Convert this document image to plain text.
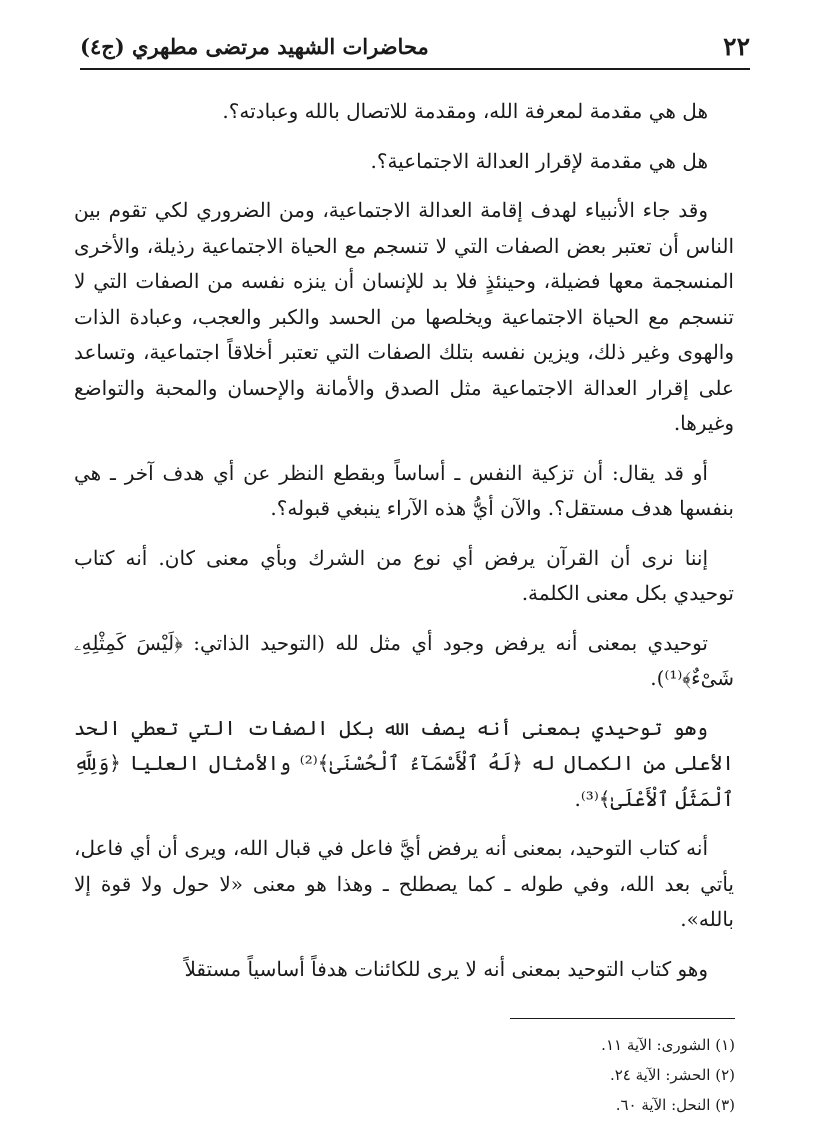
٢٢
محاضرات الشهيد مرتضى مطهري (ج٤)

هل هي مقدمة لمعرفة الله، ومقدمة للاتصال بالله وعبادته؟.

هل هي مقدمة لإقرار العدالة الاجتماعية؟.

وقد جاء الأنبياء لهدف إقامة العدالة الاجتماعية، ومن الضروري لكي تقوم بين الناس أن تعتبر بعض الصفات التي لا تنسجم مع الحياة الاجتماعية رذيلة، والأخرى المنسجمة معها فضيلة، وحينئذٍ فلا بد للإنسان أن ينزه نفسه من الصفات التي لا تنسجم مع الحياة الاجتماعية ويخلصها من الحسد والكبر والعجب، وعبادة الذات والهوى وغير ذلك، ويزين نفسه بتلك الصفات التي تعتبر أخلاقاً اجتماعية، وتساعد على إقرار العدالة الاجتماعية مثل الصدق والأمانة والإحسان والمحبة والتواضع وغيرها.

أو قد يقال: أن تزكية النفس ـ أساساً وبقطع النظر عن أي هدف آخر ـ هي بنفسها هدف مستقل؟. والآن أيُّ هذه الآراء ينبغي قبوله؟.

إننا نرى أن القرآن يرفض أي نوع من الشرك وبأي معنى كان. أنه كتاب توحيدي بكل معنى الكلمة.

توحيدي بمعنى أنه يرفض وجود أي مثل لله (التوحيد الذاتي: ﴿لَيْسَ كَمِثْلِهِۦ شَىْءٌ﴾⁽¹⁾).

وهو توحيدي بمعنى أنه يصف الله بكل الصفات التي تعطي الحد الأعلى من الكمال له ﴿لَهُ ٱلْأَسْمَآءُ ٱلْحُسْنَىٰ﴾⁽²⁾ والأمثال العليا ﴿وَلِلَّهِ ٱلْمَثَلُ ٱلْأَعْلَىٰ﴾⁽³⁾.

أنه كتاب التوحيد، بمعنى أنه يرفض أيَّ فاعل في قبال الله، ويرى أن أي فاعل، يأتي بعد الله، وفي طوله ـ كما يصطلح ـ وهذا هو معنى «لا حول ولا قوة إلا بالله».

وهو كتاب التوحيد بمعنى أنه لا يرى للكائنات هدفاً أساسياً مستقلاً

(١) الشورى: الآية ١١.
(٢) الحشر: الآية ٢٤.
(٣) النحل: الآية ٦٠.
